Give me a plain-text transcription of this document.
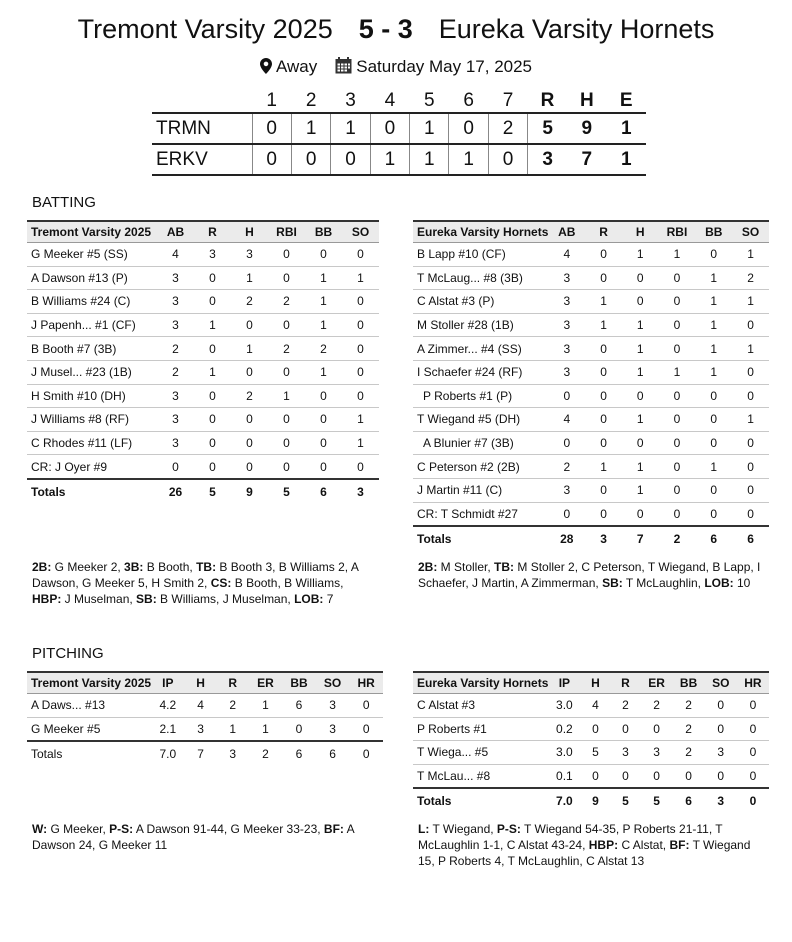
Tremont Varsity 2025 5 - 3 Eureka Varsity Hornets
Away Saturday May 17, 2025
	1	2	3	4	5	6	7	R	H	E
TRMN	0	1	1	0	1	0	2	5	9	1
ERKV	0	0	0	1	1	1	0	3	7	1
BATTING
Tremont Varsity 2025	AB	R	H	RBI	BB	SO
G Meeker #5 (SS)	4	3	3	0	0	0
A Dawson #13 (P)	3	0	1	0	1	1
B Williams #24 (C)	3	0	2	2	1	0
J Papenh... #1 (CF)	3	1	0	0	1	0
B Booth #7 (3B)	2	0	1	2	2	0
J Musel... #23 (1B)	2	1	0	0	1	0
H Smith #10 (DH)	3	0	2	1	0	0
J Williams #8 (RF)	3	0	0	0	0	1
C Rhodes #11 (LF)	3	0	0	0	0	1
CR: J Oyer #9	0	0	0	0	0	0
Totals	26	5	9	5	6	3
Eureka Varsity Hornets	AB	R	H	RBI	BB	SO
B Lapp #10 (CF)	4	0	1	1	0	1
T McLaug... #8 (3B)	3	0	0	0	1	2
C Alstat #3 (P)	3	1	0	0	1	1
M Stoller #28 (1B)	3	1	1	0	1	0
A Zimmer... #4 (SS)	3	0	1	0	1	1
I Schaefer #24 (RF)	3	0	1	1	1	0
P Roberts #1 (P)	0	0	0	0	0	0
T Wiegand #5 (DH)	4	0	1	0	0	1
A Blunier #7 (3B)	0	0	0	0	0	0
C Peterson #2 (2B)	2	1	1	0	1	0
J Martin #11 (C)	3	0	1	0	0	0
CR: T Schmidt #27	0	0	0	0	0	0
Totals	28	3	7	2	6	6
2B: G Meeker 2, 3B: B Booth, TB: B Booth 3, B Williams 2, A Dawson, G Meeker 5, H Smith 2, CS: B Booth, B Williams, HBP: J Muselman, SB: B Williams, J Muselman, LOB: 7
2B: M Stoller, TB: M Stoller 2, C Peterson, T Wiegand, B Lapp, I Schaefer, J Martin, A Zimmerman, SB: T McLaughlin, LOB: 10
PITCHING
Tremont Varsity 2025	IP	H	R	ER	BB	SO	HR
A Daws... #13	4.2	4	2	1	6	3	0
G Meeker #5	2.1	3	1	1	0	3	0
Totals	7.0	7	3	2	6	6	0
Eureka Varsity Hornets	IP	H	R	ER	BB	SO	HR
C Alstat #3	3.0	4	2	2	2	0	0
P Roberts #1	0.2	0	0	0	2	0	0
T Wiega... #5	3.0	5	3	3	2	3	0
T McLau... #8	0.1	0	0	0	0	0	0
Totals	7.0	9	5	5	6	3	0
W: G Meeker, P-S: A Dawson 91-44, G Meeker 33-23, BF: A Dawson 24, G Meeker 11
L: T Wiegand, P-S: T Wiegand 54-35, P Roberts 21-11, T McLaughlin 1-1, C Alstat 43-24, HBP: C Alstat, BF: T Wiegand 15, P Roberts 4, T McLaughlin, C Alstat 13
